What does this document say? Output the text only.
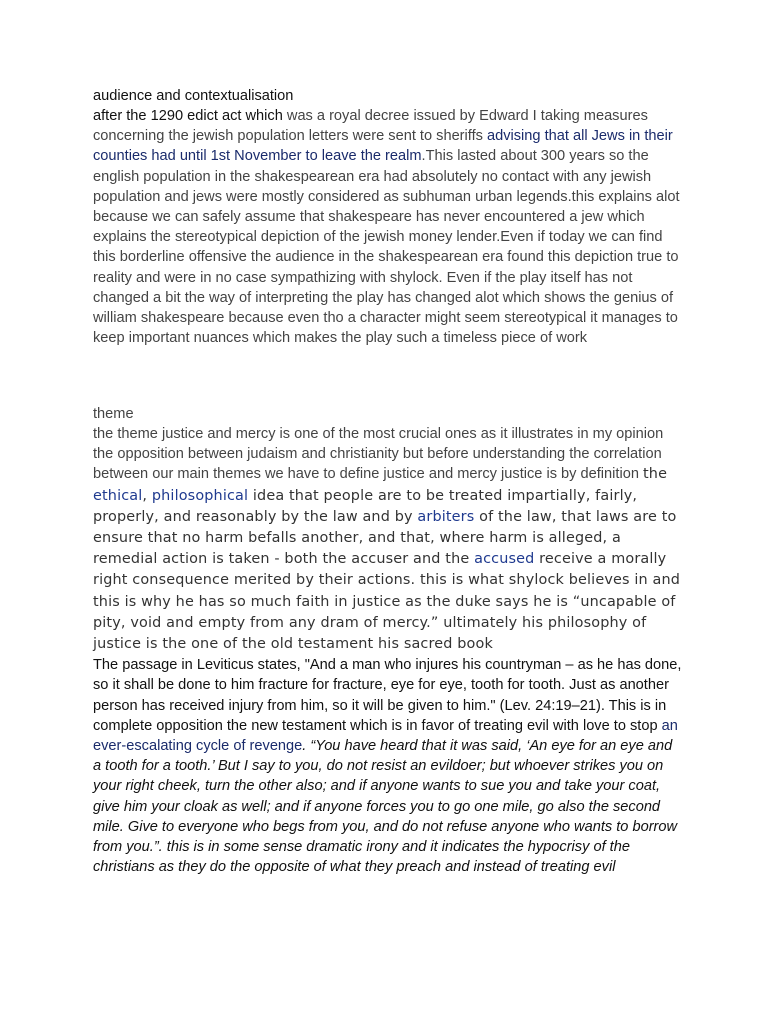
audience and contextualisation
after the 1290 edict act which was a royal decree issued by Edward I taking measures concerning the jewish population letters were sent to sheriffs advising that all Jews in their counties had until 1st November to leave the realm.This lasted about 300 years so the english population in the shakespearean era had absolutely no contact with any jewish population and jews were mostly considered as subhuman urban legends.this explains alot because we can safely assume that shakespeare has never encountered a jew which explains the stereotypical depiction of the jewish money lender.Even if today we can find this borderline offensive the audience in the shakespearean era found this depiction true to reality and were in no case sympathizing with shylock. Even if the play itself has not changed a bit the way of interpreting the play has changed alot which shows the genius of william shakespeare because even tho a character might seem stereotypical it manages to keep important nuances which makes the play such a timeless piece of work
theme
the theme justice and mercy is one of the most crucial ones as it illustrates in my opinion the opposition between judaism and christianity but before understanding the correlation between our main themes we have to define justice and mercy justice is by definition the ethical, philosophical idea that people are to be treated impartially, fairly, properly, and reasonably by the law and by arbiters of the law, that laws are to ensure that no harm befalls another, and that, where harm is alleged, a remedial action is taken - both the accuser and the accused receive a morally right consequence merited by their actions. this is what shylock believes in and this is why he has so much faith in justice as the duke says he is “uncapable of pity, void and empty from any dram of mercy.” ultimately his philosophy of justice is the one of the old testament his sacred book
The passage in Leviticus states, "And a man who injures his countryman – as he has done, so it shall be done to him fracture for fracture, eye for eye, tooth for tooth. Just as another person has received injury from him, so it will be given to him." (Lev. 24:19–21). This is in complete opposition the new testament which is in favor of treating evil with love to stop an ever-escalating cycle of revenge. “You have heard that it was said, ‘An eye for an eye and a tooth for a tooth.’ But I say to you, do not resist an evildoer; but whoever strikes you on your right cheek, turn the other also; and if anyone wants to sue you and take your coat, give him your cloak as well; and if anyone forces you to go one mile, go also the second mile. Give to everyone who begs from you, and do not refuse anyone who wants to borrow from you.”. this is in some sense dramatic irony and it indicates the hypocrisy of the christians as they do the opposite of what they preach and instead of treating evil
